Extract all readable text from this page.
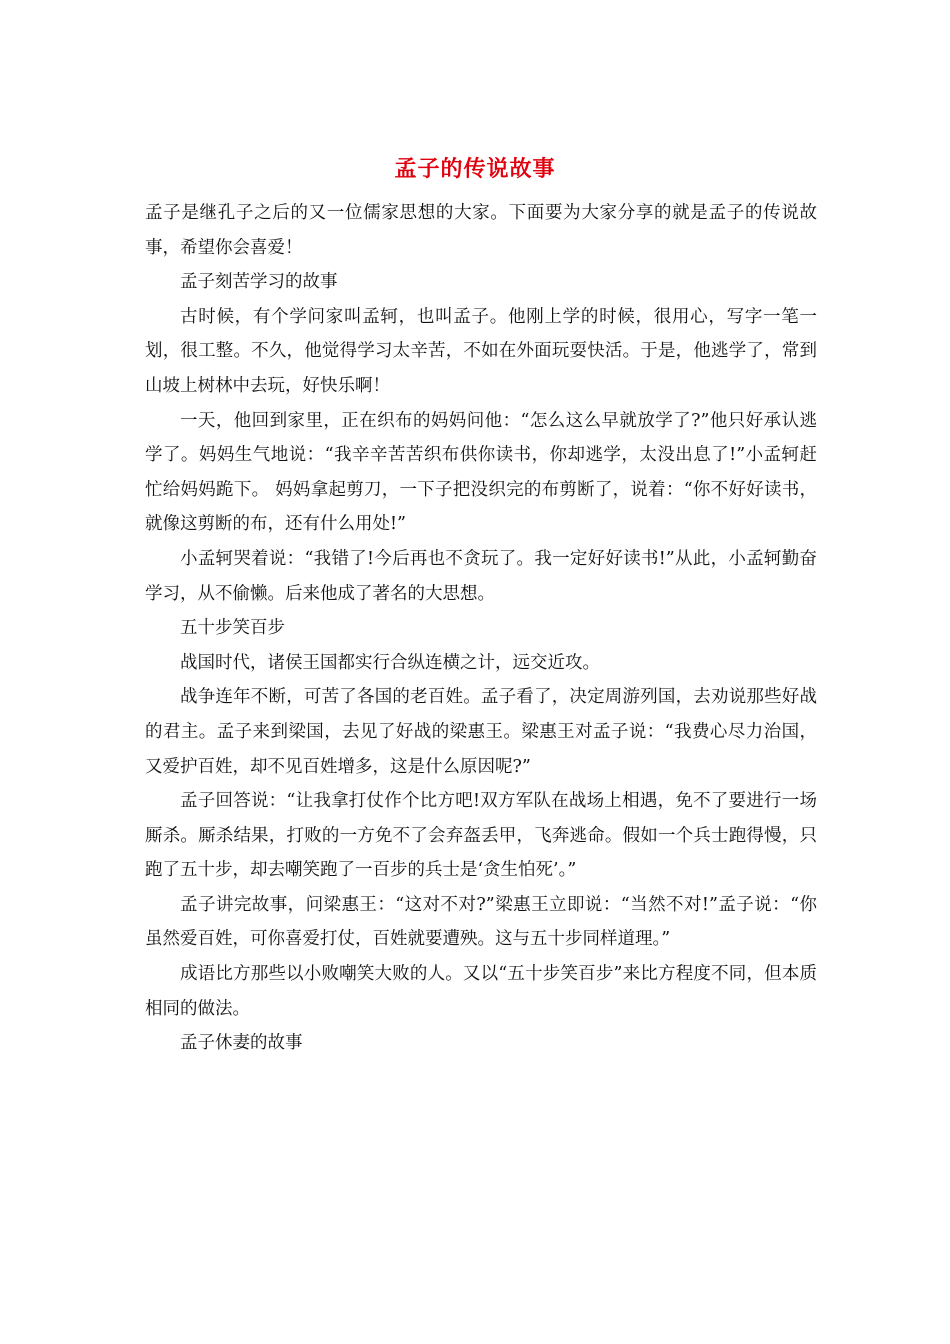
孟子的传说故事

孟子是继孔子之后的又一位儒家思想的大家。下面要为大家分享的就是孟子的传说故事，希望你会喜爱！

孟子刻苦学习的故事

古时候，有个学问家叫孟轲，也叫孟子。他刚上学的时候，很用心，写字一笔一划，很工整。不久，他觉得学习太辛苦，不如在外面玩耍快活。于是，他逃学了，常到山坡上树林中去玩，好快乐啊！

一天，他回到家里，正在织布的妈妈问他：“怎么这么早就放学了?”他只好承认逃学了。妈妈生气地说：“我辛辛苦苦织布供你读书，你却逃学，太没出息了!”小孟轲赶忙给妈妈跪下。 妈妈拿起剪刀，一下子把没织完的布剪断了，说着：“你不好好读书，就像这剪断的布，还有什么用处!”

小孟轲哭着说：“我错了!今后再也不贪玩了。我一定好好读书!”从此，小孟轲勤奋学习，从不偷懒。后来他成了著名的大思想。

五十步笑百步

战国时代，诸侯王国都实行合纵连横之计，远交近攻。

战争连年不断，可苦了各国的老百姓。孟子看了，决定周游列国，去劝说那些好战的君主。孟子来到梁国，去见了好战的梁惠王。梁惠王对孟子说：“我费心尽力治国，又爱护百姓，却不见百姓增多，这是什么原因呢?”

孟子回答说：“让我拿打仗作个比方吧!双方军队在战场上相遇，免不了要进行一场厮杀。厮杀结果，打败的一方免不了会弃盔丢甲，飞奔逃命。假如一个兵士跑得慢，只跑了五十步，却去嘲笑跑了一百步的兵士是‘贪生怕死’。”

孟子讲完故事，问梁惠王：“这对不对?”梁惠王立即说：“当然不对!”孟子说：“你虽然爱百姓，可你喜爱打仗，百姓就要遭殃。这与五十步同样道理。”

成语比方那些以小败嘲笑大败的人。又以“五十步笑百步”来比方程度不同，但本质相同的做法。

孟子休妻的故事
